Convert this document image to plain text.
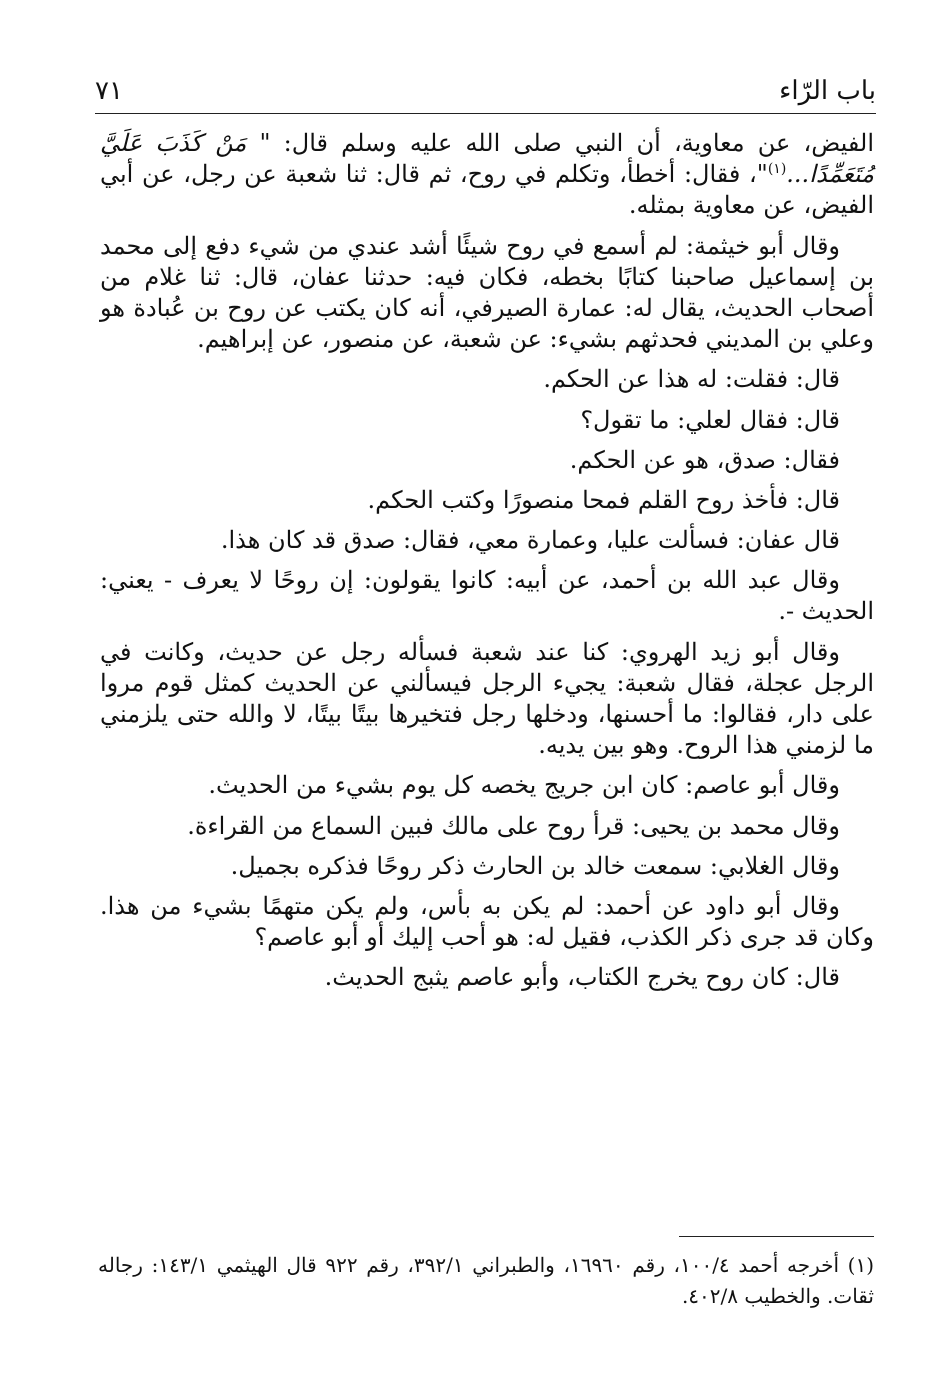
باب الرّاء
٧١

الفيض، عن معاوية، أن النبي صلى الله عليه وسلم قال: " مَنْ كَذَبَ عَلَيَّ مُتَعَمِّدًا...$^{(١)}$"، فقال: أخطأ، وتكلم في روح، ثم قال: ثنا شعبة عن رجل، عن أبي الفيض، عن معاوية بمثله.

وقال أبو خيثمة: لم أسمع في روح شيئًا أشد عندي من شيء دفع إلى محمد بن إسماعيل صاحبنا كتابًا بخطه، فكان فيه: حدثنا عفان، قال: ثنا غلام من أصحاب الحديث، يقال له: عمارة الصيرفي، أنه كان يكتب عن روح بن عُبادة هو وعلي بن المديني فحدثهم بشيء: عن شعبة، عن منصور، عن إبراهيم.

قال: فقلت: له هذا عن الحكم.

قال: فقال لعلي: ما تقول؟

فقال: صدق، هو عن الحكم.

قال: فأخذ روح القلم فمحا منصورًا وكتب الحكم.

قال عفان: فسألت عليا، وعمارة معي، فقال: صدق قد كان هذا.

وقال عبد الله بن أحمد، عن أبيه: كانوا يقولون: إن روحًا لا يعرف - يعني: الحديث -.

وقال أبو زيد الهروي: كنا عند شعبة فسأله رجل عن حديث، وكانت في الرجل عجلة، فقال شعبة: يجيء الرجل فيسألني عن الحديث كمثل قوم مروا على دار، فقالوا: ما أحسنها، ودخلها رجل فتخيرها بيتًا بيتًا، لا والله حتى يلزمني ما لزمني هذا الروح. وهو بين يديه.

وقال أبو عاصم: كان ابن جريج يخصه كل يوم بشيء من الحديث.

وقال محمد بن يحيى: قرأ روح على مالك فبين السماع من القراءة.

وقال الغلابي: سمعت خالد بن الحارث ذكر روحًا فذكره بجميل.

وقال أبو داود عن أحمد: لم يكن به بأس، ولم يكن متهمًا بشيء من هذا. وكان قد جرى ذكر الكذب، فقيل له: هو أحب إليك أو أبو عاصم؟

قال: كان روح يخرج الكتاب، وأبو عاصم يثبج الحديث.

(١) أخرجه أحمد ١٠٠/٤، رقم ١٦٩٦٠، والطبراني ٣٩٢/١، رقم ٩٢٢ قال الهيثمي ١٤٣/١: رجاله ثقات. والخطيب ٤٠٢/٨.
